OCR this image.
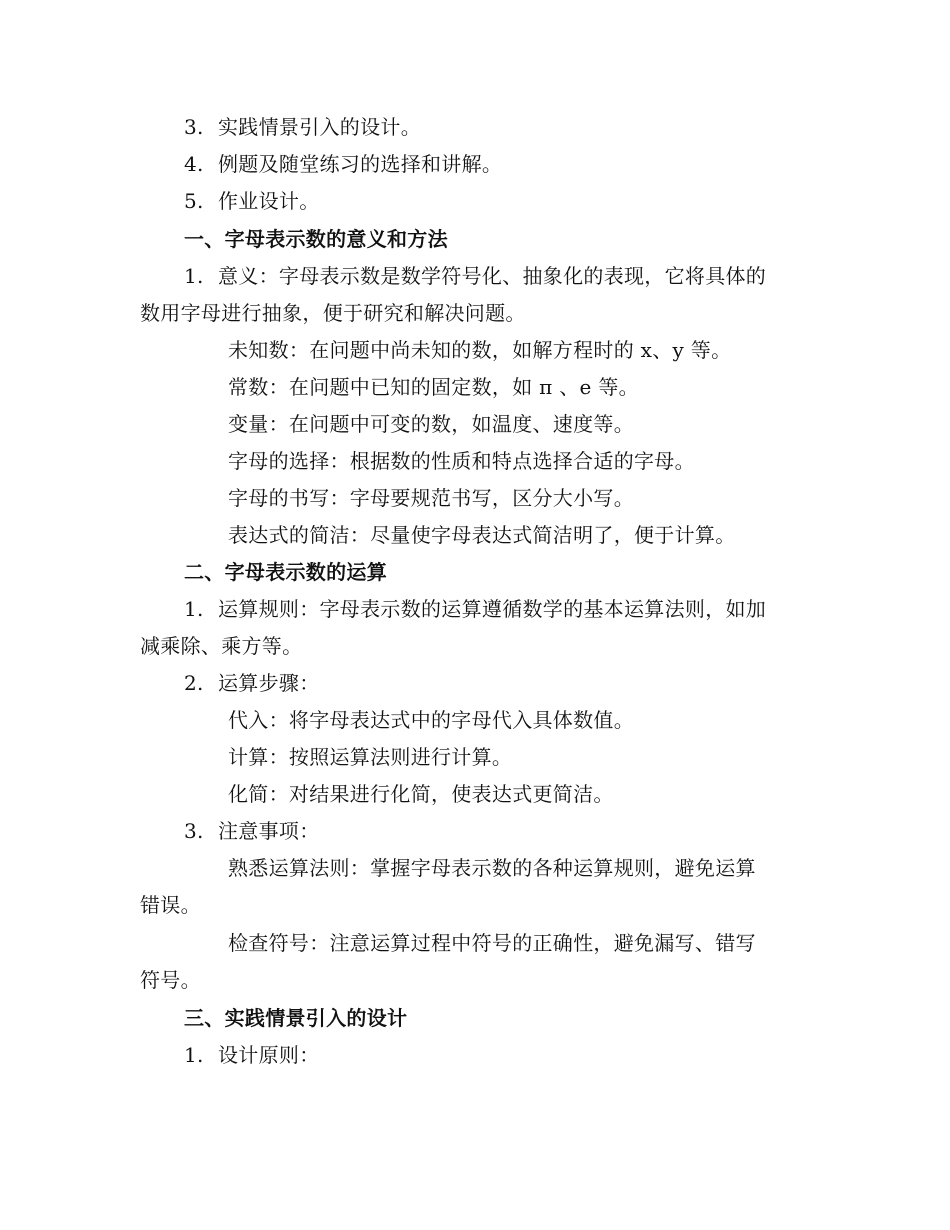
3. 实践情景引入的设计。
4. 例题及随堂练习的选择和讲解。
5. 作业设计。
一、字母表示数的意义和方法
1. 意义：字母表示数是数学符号化、抽象化的表现，它将具体的
数用字母进行抽象，便于研究和解决问题。
未知数：在问题中尚未知的数，如解方程时的 x、y 等。
常数：在问题中已知的固定数，如 π 、e 等。
变量：在问题中可变的数，如温度、速度等。
字母的选择：根据数的性质和特点选择合适的字母。
字母的书写：字母要规范书写，区分大小写。
表达式的简洁：尽量使字母表达式简洁明了，便于计算。
二、字母表示数的运算
1. 运算规则：字母表示数的运算遵循数学的基本运算法则，如加
减乘除、乘方等。
2. 运算步骤：
代入：将字母表达式中的字母代入具体数值。
计算：按照运算法则进行计算。
化简：对结果进行化简，使表达式更简洁。
3. 注意事项：
熟悉运算法则：掌握字母表示数的各种运算规则，避免运算
错误。
检查符号：注意运算过程中符号的正确性，避免漏写、错写
符号。
三、实践情景引入的设计
1. 设计原则：
